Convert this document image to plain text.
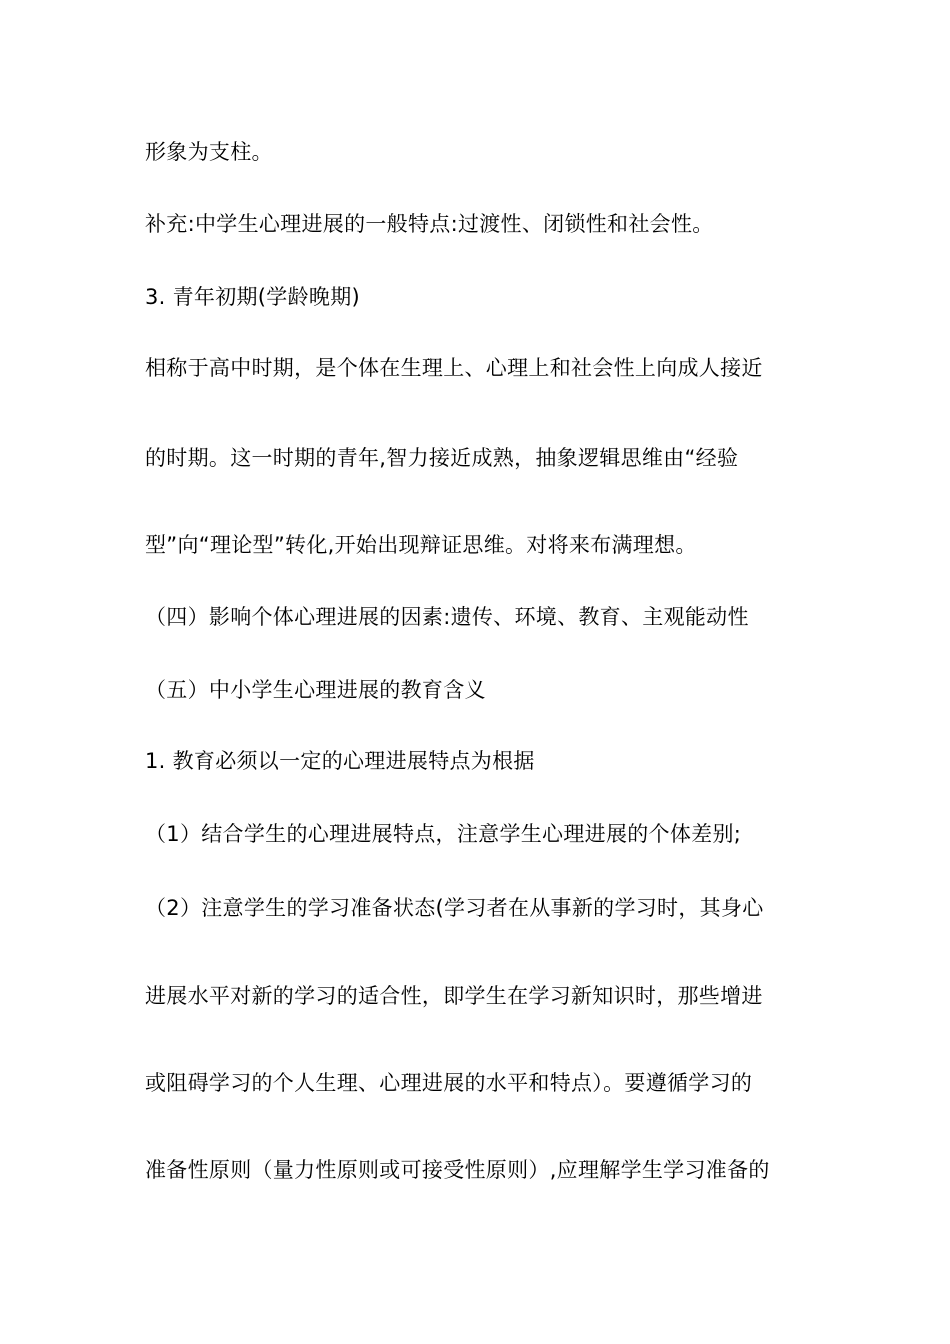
形象为支柱。
补充:中学生心理进展的一般特点:过渡性、闭锁性和社会性。
3. 青年初期(学龄晚期)
相称于高中时期，是个体在生理上、心理上和社会性上向成人接近
的时期。这一时期的青年,智力接近成熟，抽象逻辑思维由“经验
型”向“理论型”转化,开始出现辩证思维。对将来布满理想。
（四）影响个体心理进展的因素:遗传、环境、教育、主观能动性
（五）中小学生心理进展的教育含义
1. 教育必须以一定的心理进展特点为根据
（1）结合学生的心理进展特点，注意学生心理进展的个体差别;
（2）注意学生的学习准备状态(学习者在从事新的学习时，其身心
进展水平对新的学习的适合性，即学生在学习新知识时，那些增进
或阻碍学习的个人生理、心理进展的水平和特点）。要遵循学习的
准备性原则（量力性原则或可接受性原则）,应理解学生学习准备的
